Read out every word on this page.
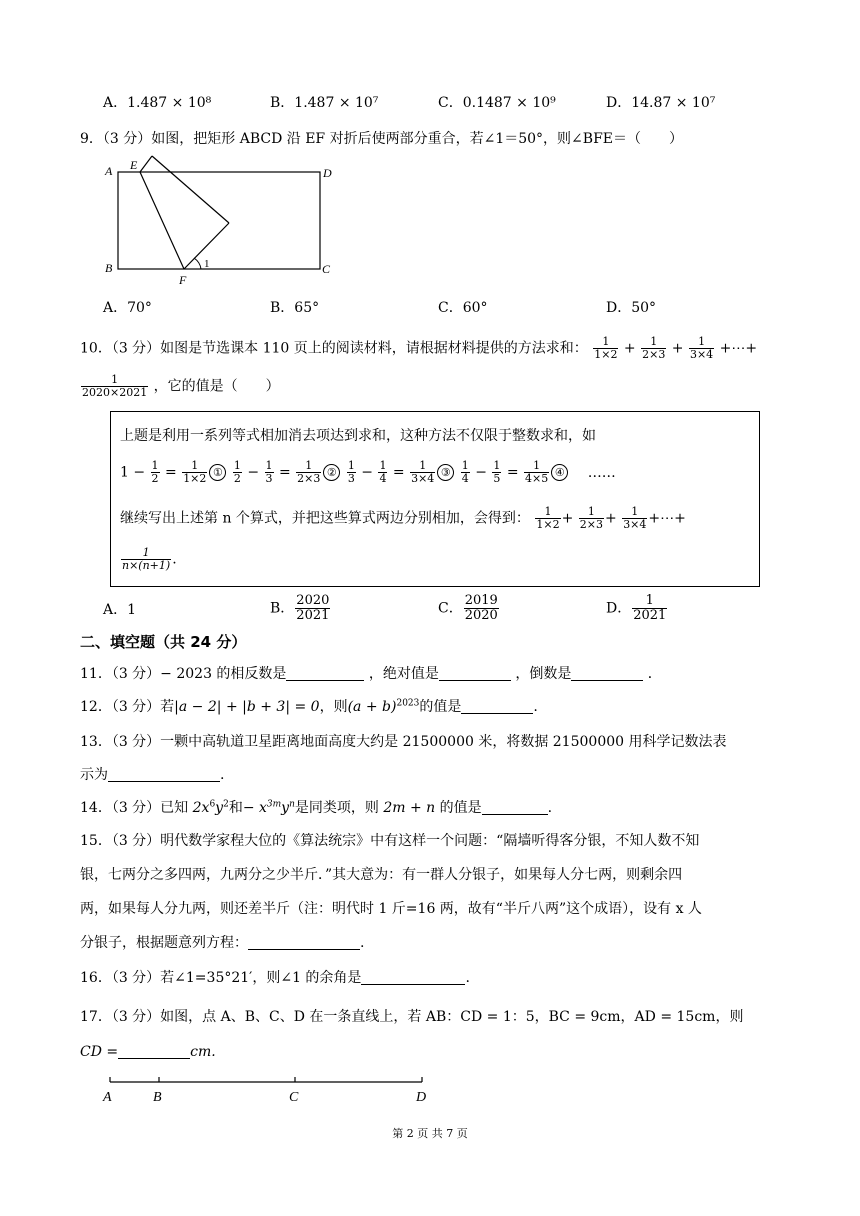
A．1.487 × 10⁸	B．1.487 × 10⁷	C．0.1487 × 10⁹	D．14.87 × 10⁷
9．（3 分）如图，把矩形 ABCD 沿 EF 对折后使两部分重合，若∠1＝50°，则∠BFE＝（　　）
A E
D
B
F
C
1
A．70°	B．65°	C．60°	D．50°
10．（3 分）如图是节选课本 110 页上的阅读材料，请根据材料提供的方法求和： $\frac{1}{1\times 2} + \frac{1}{2\times 3} + \frac{1}{3\times 4}$ +⋯+
$\frac{1}{2020\times 2021}$ ，它的值是（　　）
上题是利用一系列等式相加消去项达到求和，这种方法不仅限于整数求和，如
$1 - \frac{1}{2} = \frac{1}{1\times 2}$ ① $\frac{1}{2} - \frac{1}{3} = \frac{1}{2\times 3}$ ② $\frac{1}{3} - \frac{1}{4} = \frac{1}{3\times 4}$ ③ $\frac{1}{4} - \frac{1}{5} = \frac{1}{4\times 5}$ ④ ……
继续写出上述第 n 个算式，并把这些算式两边分别相加，会得到： $\frac{1}{1\times 2} + \frac{1}{2\times 3} + \frac{1}{3\times 4}$ +⋯+
$\frac{1}{n\times(n+1)}$ .
A．1	B． $\frac{2020}{2021}$	C． $\frac{2019}{2020}$	D． $\frac{1}{2021}$
二、填空题（共 24 分）
11．（3 分）− 2023 的相反数是	，绝对值是	，倒数是	．
12．（3 分）若|a − 2| + |b + 3| = 0，则$(a + b)^{2023}$的值是	.
13．（3 分）一颗中高轨道卫星距离地面高度大约是 21500000 米，将数据 21500000 用科学记数法表
示为	.
14．（3 分）已知 $2x^6y^2$和− $x^{3m}y^n$是同类项，则 2m + n 的值是	.
15．（3 分）明代数学家程大位的《算法统宗》中有这样一个问题：“隔墙听得客分银，不知人数不知
银，七两分之多四两，九两分之少半斤．”其大意为：有一群人分银子，如果每人分七两，则剩余四
两，如果每人分九两，则还差半斤（注：明代时 1 斤=16 两，故有“半斤八两”这个成语），设有 x 人
分银子，根据题意列方程：	.
16．（3 分）若∠1=35°21′，则∠1 的余角是	.
17．（3 分）如图，点 A、B、C、D 在一条直线上，若 AB：CD = 1：5，BC = 9cm，AD = 15cm，则
CD =	cm.
A	B	C	D
第 2 页 共 7 页
